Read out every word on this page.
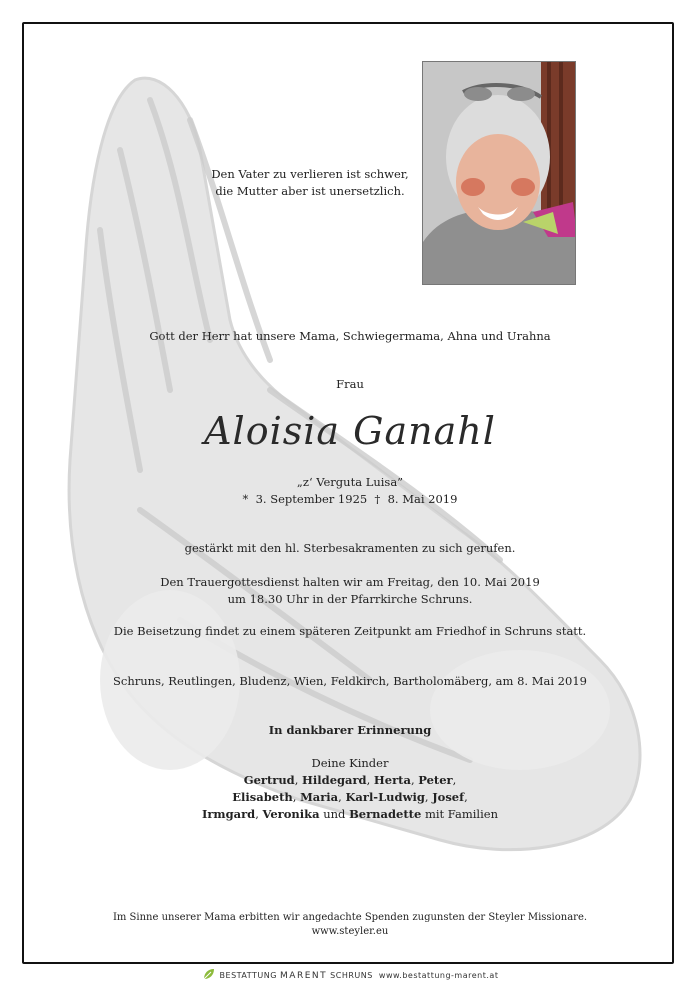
Den Vater zu verlieren ist schwer,
die Mutter aber ist unersetzlich.
Gott der Herr hat unsere Mama, Schwiegermama, Ahna und Urahna
Frau
Aloisia Ganahl
„z‘ Verguta Luisa”
* 3. September 1925 † 8. Mai 2019
gestärkt mit den hl. Sterbesakramenten zu sich gerufen.
Den Trauergottesdienst halten wir am Freitag, den 10. Mai 2019
um 18.30 Uhr in der Pfarrkirche Schruns.
Die Beisetzung findet zu einem späteren Zeitpunkt am Friedhof in Schruns statt.
Schruns, Reutlingen, Bludenz, Wien, Feldkirch, Bartholomäberg, am 8. Mai 2019
In dankbarer Erinnerung
Deine Kinder
Gertrud, Hildegard, Herta, Peter,
Elisabeth, Maria, Karl-Ludwig, Josef,
Irmgard, Veronika und Bernadette mit Familien
Im Sinne unserer Mama erbitten wir angedachte Spenden zugunsten der Steyler Missionare.
www.steyler.eu
BESTATTUNG MARENT SCHRUNS www.bestattung-marent.at
